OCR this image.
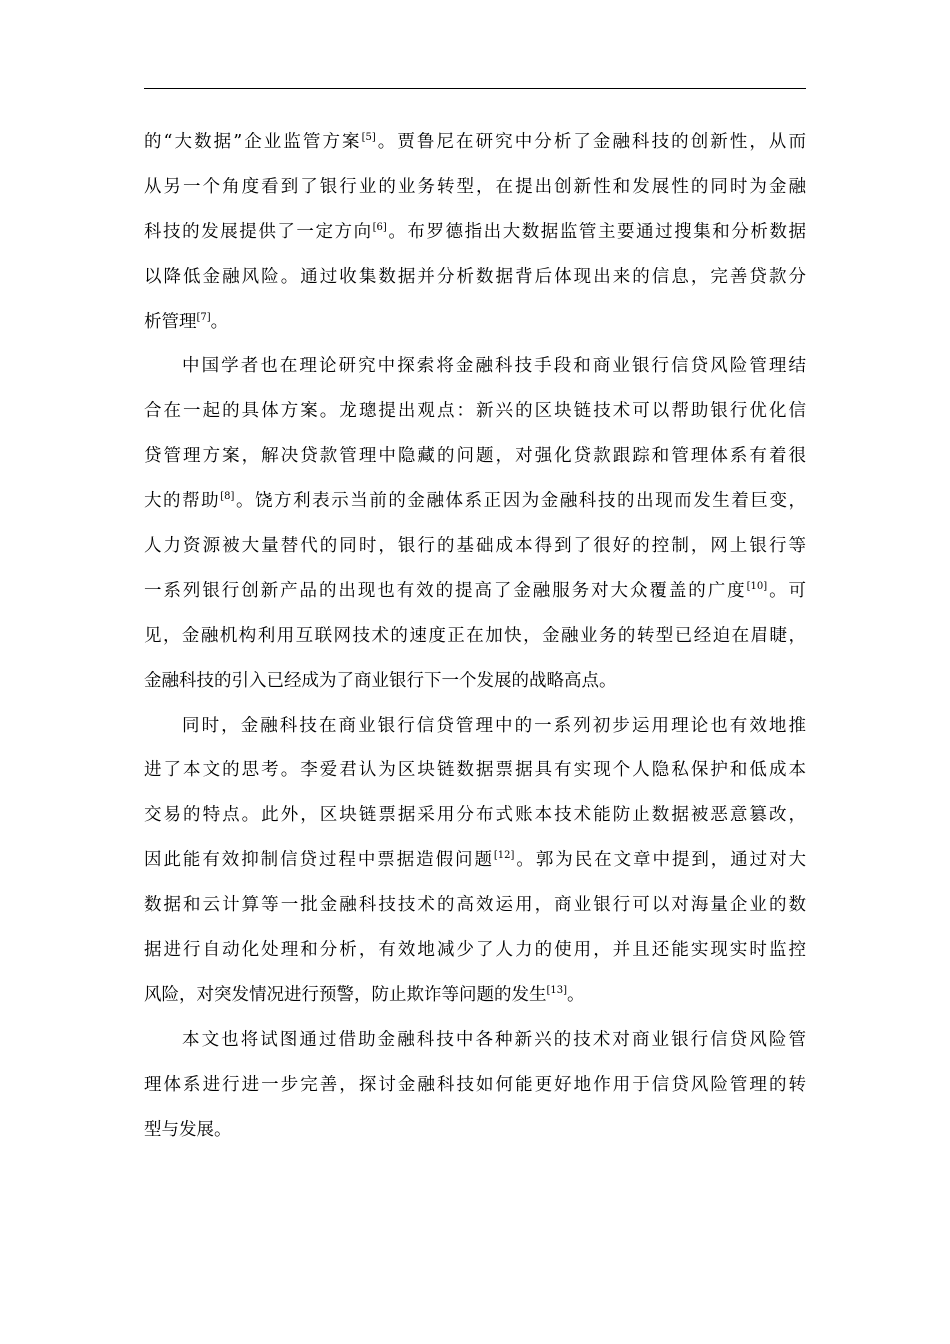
的“大数据”企业监管方案[5]。贾鲁尼在研究中分析了金融科技的创新性，从而
从另一个角度看到了银行业的业务转型，在提出创新性和发展性的同时为金融
科技的发展提供了一定方向[6]。布罗德指出大数据监管主要通过搜集和分析数据
以降低金融风险。通过收集数据并分析数据背后体现出来的信息，完善贷款分
析管理[7]。
中国学者也在理论研究中探索将金融科技手段和商业银行信贷风险管理结
合在一起的具体方案。龙璁提出观点：新兴的区块链技术可以帮助银行优化信
贷管理方案，解决贷款管理中隐藏的问题，对强化贷款跟踪和管理体系有着很
大的帮助[8]。饶方利表示当前的金融体系正因为金融科技的出现而发生着巨变，
人力资源被大量替代的同时，银行的基础成本得到了很好的控制，网上银行等
一系列银行创新产品的出现也有效的提高了金融服务对大众覆盖的广度[10]。可
见，金融机构利用互联网技术的速度正在加快，金融业务的转型已经迫在眉睫，
金融科技的引入已经成为了商业银行下一个发展的战略高点。
同时，金融科技在商业银行信贷管理中的一系列初步运用理论也有效地推
进了本文的思考。李爱君认为区块链数据票据具有实现个人隐私保护和低成本
交易的特点。此外，区块链票据采用分布式账本技术能防止数据被恶意篡改，
因此能有效抑制信贷过程中票据造假问题[12]。郭为民在文章中提到，通过对大
数据和云计算等一批金融科技技术的高效运用，商业银行可以对海量企业的数
据进行自动化处理和分析，有效地减少了人力的使用，并且还能实现实时监控
风险，对突发情况进行预警，防止欺诈等问题的发生[13]。
本文也将试图通过借助金融科技中各种新兴的技术对商业银行信贷风险管
理体系进行进一步完善，探讨金融科技如何能更好地作用于信贷风险管理的转
型与发展。
